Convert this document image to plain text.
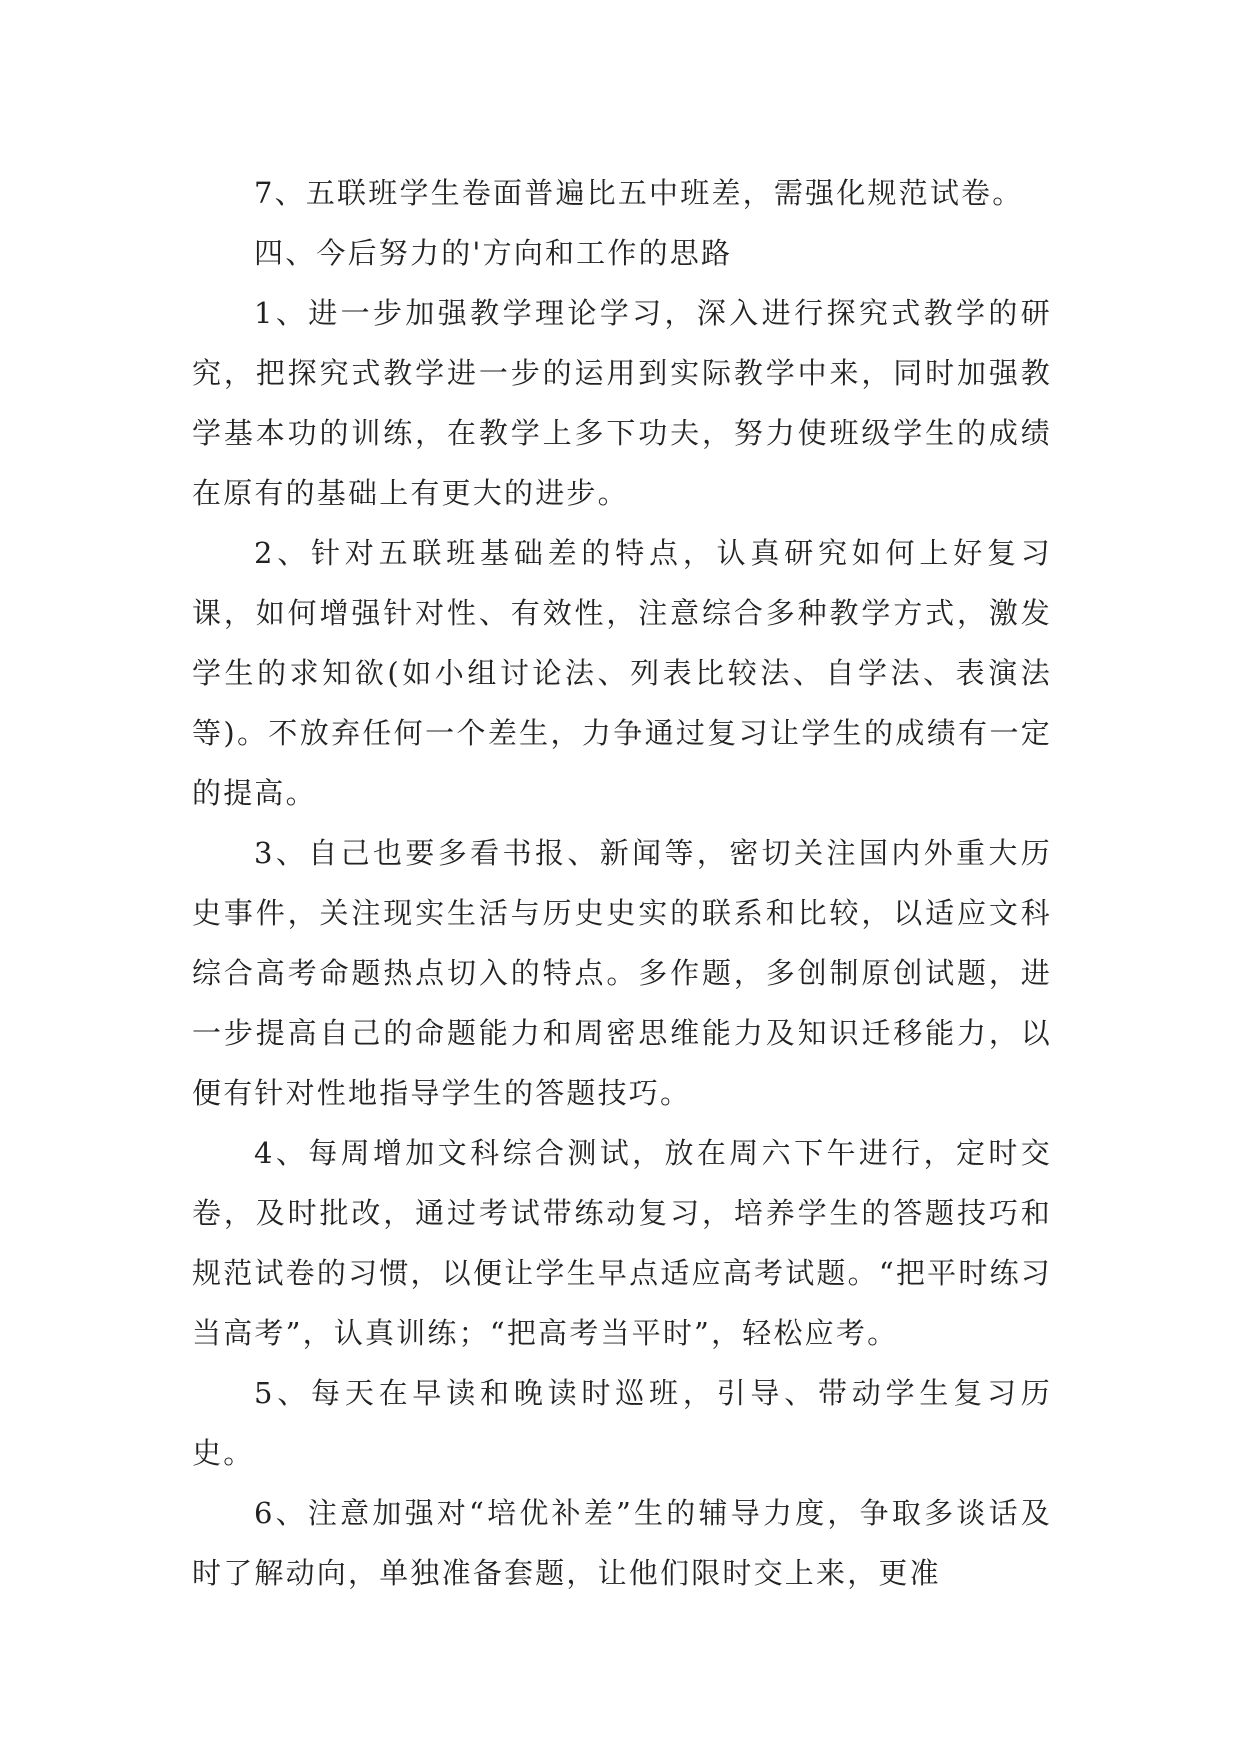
7、五联班学生卷面普遍比五中班差，需强化规范试卷。

四、今后努力的'方向和工作的思路

1、进一步加强教学理论学习，深入进行探究式教学的研究，把探究式教学进一步的运用到实际教学中来，同时加强教学基本功的训练，在教学上多下功夫，努力使班级学生的成绩在原有的基础上有更大的进步。

2、针对五联班基础差的特点，认真研究如何上好复习课，如何增强针对性、有效性，注意综合多种教学方式，激发学生的求知欲(如小组讨论法、列表比较法、自学法、表演法等)。不放弃任何一个差生，力争通过复习让学生的成绩有一定的提高。

3、自己也要多看书报、新闻等，密切关注国内外重大历史事件，关注现实生活与历史史实的联系和比较，以适应文科综合高考命题热点切入的特点。多作题，多创制原创试题，进一步提高自己的命题能力和周密思维能力及知识迁移能力，以便有针对性地指导学生的答题技巧。

4、每周增加文科综合测试，放在周六下午进行，定时交卷，及时批改，通过考试带练动复习，培养学生的答题技巧和规范试卷的习惯，以便让学生早点适应高考试题。“把平时练习当高考”，认真训练；“把高考当平时”，轻松应考。

5、每天在早读和晚读时巡班，引导、带动学生复习历史。

6、注意加强对“培优补差”生的辅导力度，争取多谈话及时了解动向，单独准备套题，让他们限时交上来，更准
